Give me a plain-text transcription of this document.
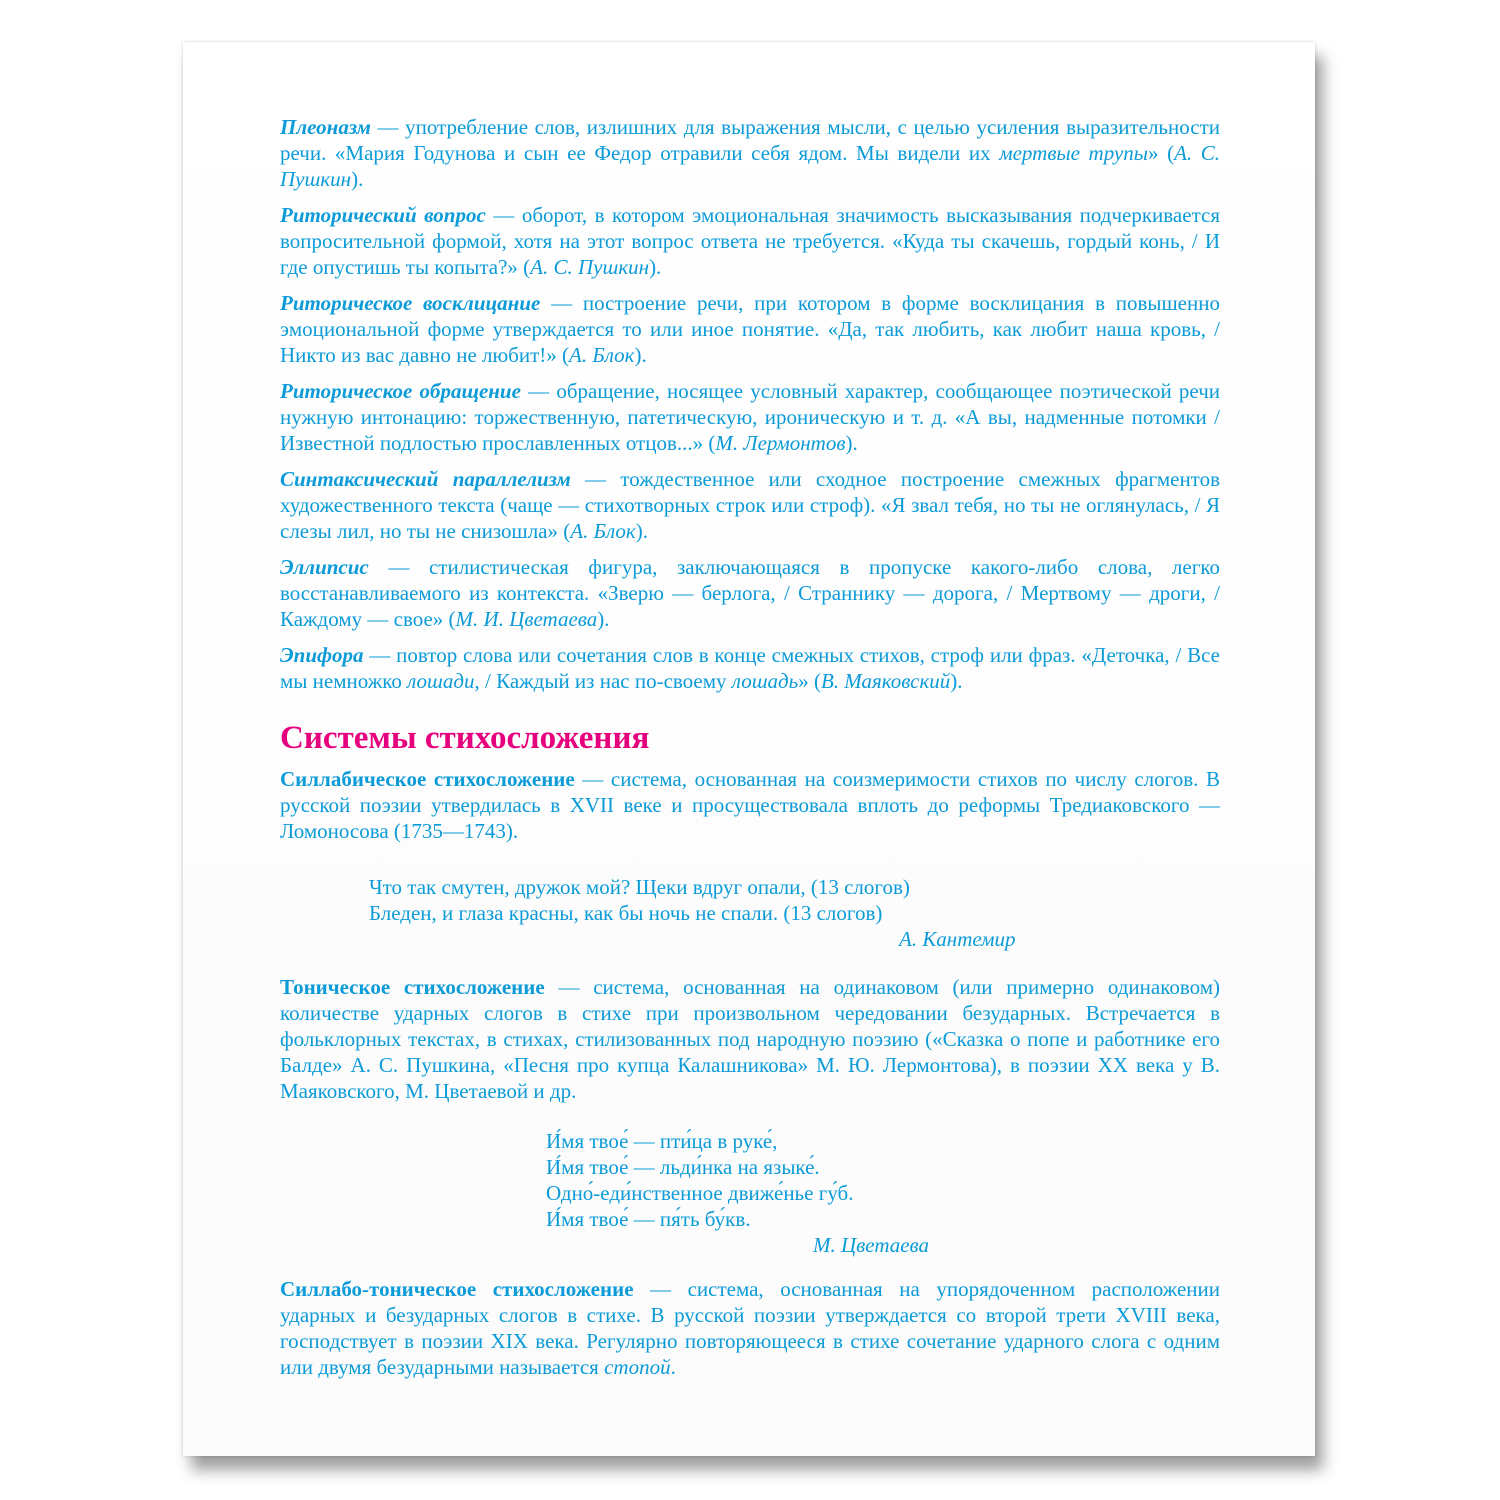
Плеоназм — употребление слов, излишних для выражения мысли, с целью усиления выразительности речи. «Мария Годунова и сын ее Федор отравили себя ядом. Мы видели их мертвые трупы» (А. С. Пушкин).

Риторический вопрос — оборот, в котором эмоциональная значимость высказывания подчеркивается вопросительной формой, хотя на этот вопрос ответа не требуется. «Куда ты скачешь, гордый конь, / И где опустишь ты копыта?» (А. С. Пушкин).

Риторическое восклицание — построение речи, при котором в форме восклицания в повышенно эмоциональной форме утверждается то или иное понятие. «Да, так любить, как любит наша кровь, / Никто из вас давно не любит!» (А. Блок).

Риторическое обращение — обращение, носящее условный характер, сообщающее поэтической речи нужную интонацию: торжественную, патетическую, ироническую и т. д. «А вы, надменные потомки / Известной подлостью прославленных отцов...» (М. Лермонтов).

Синтаксический параллелизм — тождественное или сходное построение смежных фрагментов художественного текста (чаще — стихотворных строк или строф). «Я звал тебя, но ты не оглянулась, / Я слезы лил, но ты не снизошла» (А. Блок).

Эллипсис — стилистическая фигура, заключающаяся в пропуске какого-либо слова, легко восстанавливаемого из контекста. «Зверю — берлога, / Страннику — дорога, / Мертвому — дроги, / Каждому — свое» (М. И. Цветаева).

Эпифора — повтор слова или сочетания слов в конце смежных стихов, строф или фраз. «Деточка, / Все мы немножко лошади, / Каждый из нас по-своему лошадь» (В. Маяковский).

Системы стихосложения

Силлабическое стихосложение — система, основанная на соизмеримости стихов по числу слогов. В русской поэзии утвердилась в XVII веке и просуществовала вплоть до реформы Тредиаковского — Ломоносова (1735—1743).

Что так смутен, дружок мой? Щеки вдруг опали, (13 слогов)
Бледен, и глаза красны, как бы ночь не спали. (13 слогов)
А. Кантемир

Тоническое стихосложение — система, основанная на одинаковом (или примерно одинаковом) количестве ударных слогов в стихе при произвольном чередовании безударных. Встречается в фольклорных текстах, в стихах, стилизованных под народную поэзию («Сказка о попе и работнике его Балде» А. С. Пушкина, «Песня про купца Калашникова» М. Ю. Лермонтова), в поэзии XX века у В. Маяковского, М. Цветаевой и др.

И́мя твое́ — пти́ца в руке́,
И́мя твое́ — льди́нка на языке́.
Одно́-еди́нственное движе́нье гу́б.
И́мя твое́ — пя́ть бу́кв.
М. Цветаева

Силлабо-тоническое стихосложение — система, основанная на упорядоченном расположении ударных и безударных слогов в стихе. В русской поэзии утверждается со второй трети XVIII века, господствует в поэзии XIX века. Регулярно повторяющееся в стихе сочетание ударного слога с одним или двумя безударными называется стопой.
